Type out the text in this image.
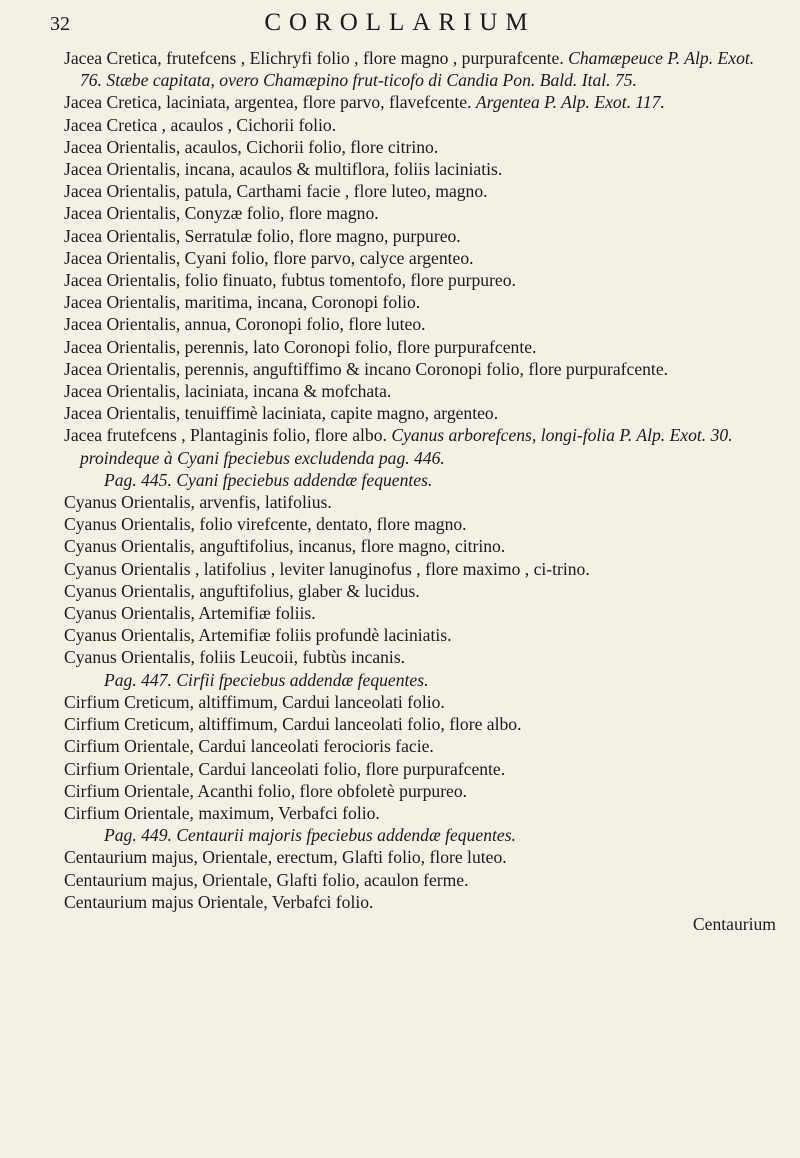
32	COROLLARIUM

Jacea Cretica, frutefcens , Elichryfi folio , flore magno , purpurafcente. Chamæpeuce P. Alp. Exot. 76. Stæbe capitata, overo Chamæpino frut-ticofo di Candia Pon. Bald. Ital. 75.

Jacea Cretica, laciniata, argentea, flore parvo, flavefcente. Argentea P. Alp. Exot. 117.

Jacea Cretica , acaulos , Cichorii folio.

Jacea Orientalis, acaulos, Cichorii folio, flore citrino.

Jacea Orientalis, incana, acaulos & multiflora, foliis laciniatis.

Jacea Orientalis, patula, Carthami facie , flore luteo, magno.

Jacea Orientalis, Conyzæ folio, flore magno.

Jacea Orientalis, Serratulæ folio, flore magno, purpureo.

Jacea Orientalis, Cyani folio, flore parvo, calyce argenteo.

Jacea Orientalis, folio finuato, fubtus tomentofo, flore purpureo.

Jacea Orientalis, maritima, incana, Coronopi folio.

Jacea Orientalis, annua, Coronopi folio, flore luteo.

Jacea Orientalis, perennis, lato Coronopi folio, flore purpurafcente.

Jacea Orientalis, perennis, anguftiffimo & incano Coronopi folio, flore purpurafcente.

Jacea Orientalis, laciniata, incana & mofchata.

Jacea Orientalis, tenuiffimè laciniata, capite magno, argenteo.

Jacea frutefcens , Plantaginis folio, flore albo. Cyanus arborefcens, longi-folia P. Alp. Exot. 30. proindeque à Cyani fpeciebus excludenda pag. 446.

Pag. 445. Cyani fpeciebus addendæ fequentes.

Cyanus Orientalis, arvenfis, latifolius.

Cyanus Orientalis, folio virefcente, dentato, flore magno.

Cyanus Orientalis, anguftifolius, incanus, flore magno, citrino.

Cyanus Orientalis , latifolius , leviter lanuginofus , flore maximo , ci-trino.

Cyanus Orientalis, anguftifolius, glaber & lucidus.

Cyanus Orientalis, Artemifiæ foliis.

Cyanus Orientalis, Artemifiæ foliis profundè laciniatis.

Cyanus Orientalis, foliis Leucoii, fubtùs incanis.

Pag. 447. Cirfii fpeciebus addendæ fequentes.

Cirfium Creticum, altiffimum, Cardui lanceolati folio.

Cirfium Creticum, altiffimum, Cardui lanceolati folio, flore albo.

Cirfium Orientale, Cardui lanceolati ferocioris facie.

Cirfium Orientale, Cardui lanceolati folio, flore purpurafcente.

Cirfium Orientale, Acanthi folio, flore obfoletè purpureo.

Cirfium Orientale, maximum, Verbafci folio.

Pag. 449. Centaurii majoris fpeciebus addendæ fequentes.

Centaurium majus, Orientale, erectum, Glafti folio, flore luteo.

Centaurium majus, Orientale, Glafti folio, acaulon ferme.

Centaurium majus Orientale, Verbafci folio.

Centaurium
